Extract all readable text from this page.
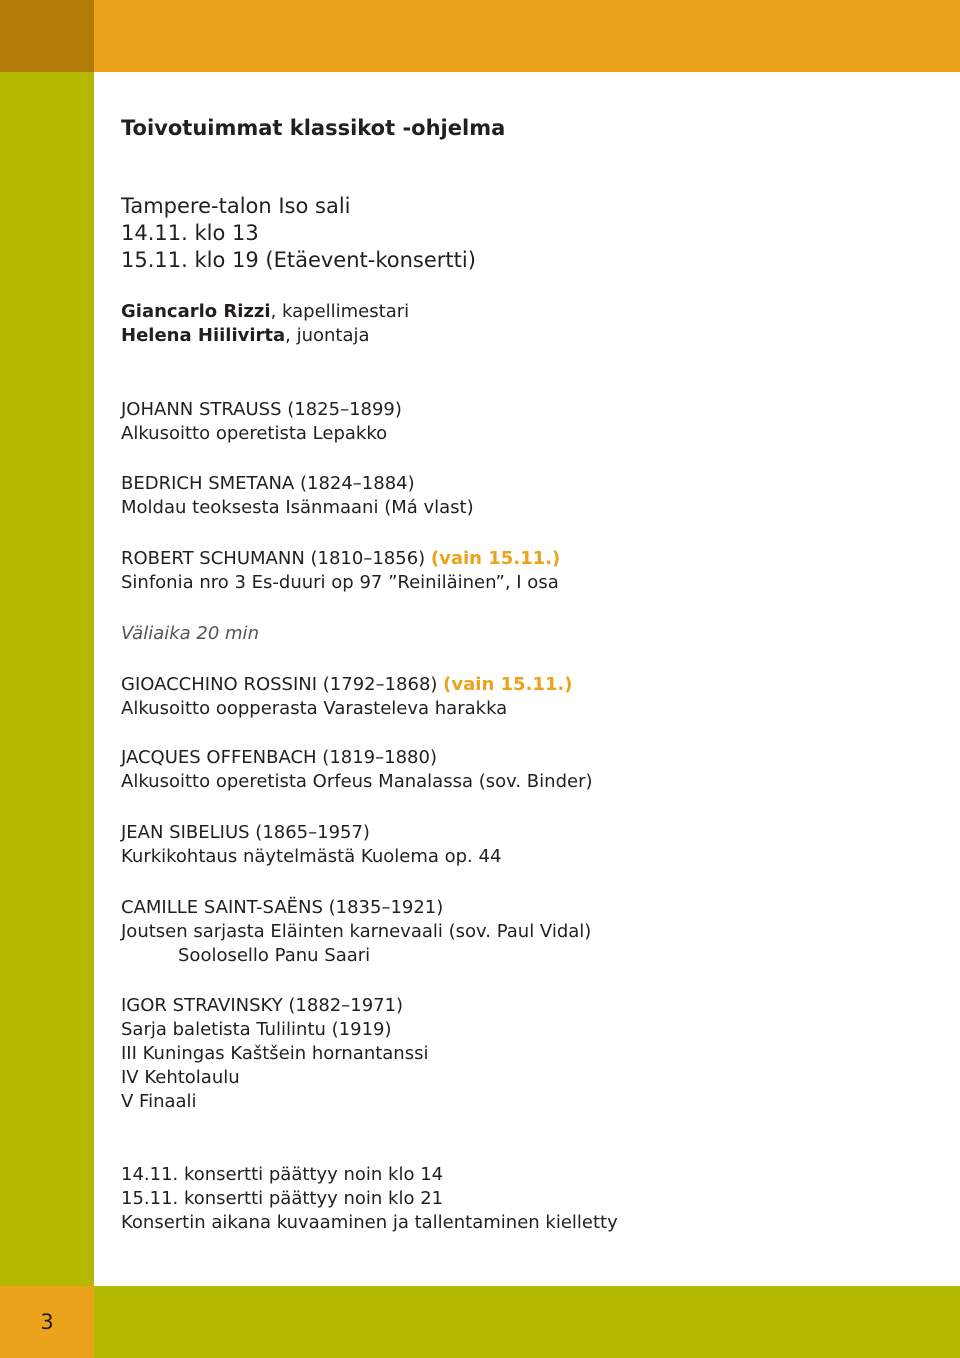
3
Toivotuimmat klassikot -ohjelma
Tampere-talon Iso sali
14.11. klo 13
15.11. klo 19 (Etäevent-konsertti)
Giancarlo Rizzi, kapellimestari
Helena Hiilivirta, juontaja
JOHANN STRAUSS (1825–1899)
Alkusoitto operetista Lepakko
BEDRICH SMETANA (1824–1884)
Moldau teoksesta Isänmaani (Má vlast)
ROBERT SCHUMANN (1810–1856) (vain 15.11.)
Sinfonia nro 3 Es-duuri op 97 ”Reiniläinen”, I osa
Väliaika 20 min
GIOACCHINO ROSSINI (1792–1868) (vain 15.11.)
Alkusoitto oopperasta Varasteleva harakka
JACQUES OFFENBACH (1819–1880)
Alkusoitto operetista Orfeus Manalassa (sov. Binder)
JEAN SIBELIUS (1865–1957)
Kurkikohtaus näytelmästä Kuolema op. 44
CAMILLE SAINT-SAËNS (1835–1921)
Joutsen sarjasta Eläinten karnevaali (sov. Paul Vidal)
Soolosello Panu Saari
IGOR STRAVINSKY (1882–1971)
Sarja baletista Tulilintu (1919)
III Kuningas Kaštšein hornantanssi
IV Kehtolaulu
V Finaali
14.11. konsertti päättyy noin klo 14
15.11. konsertti päättyy noin klo 21
Konsertin aikana kuvaaminen ja tallentaminen kielletty
